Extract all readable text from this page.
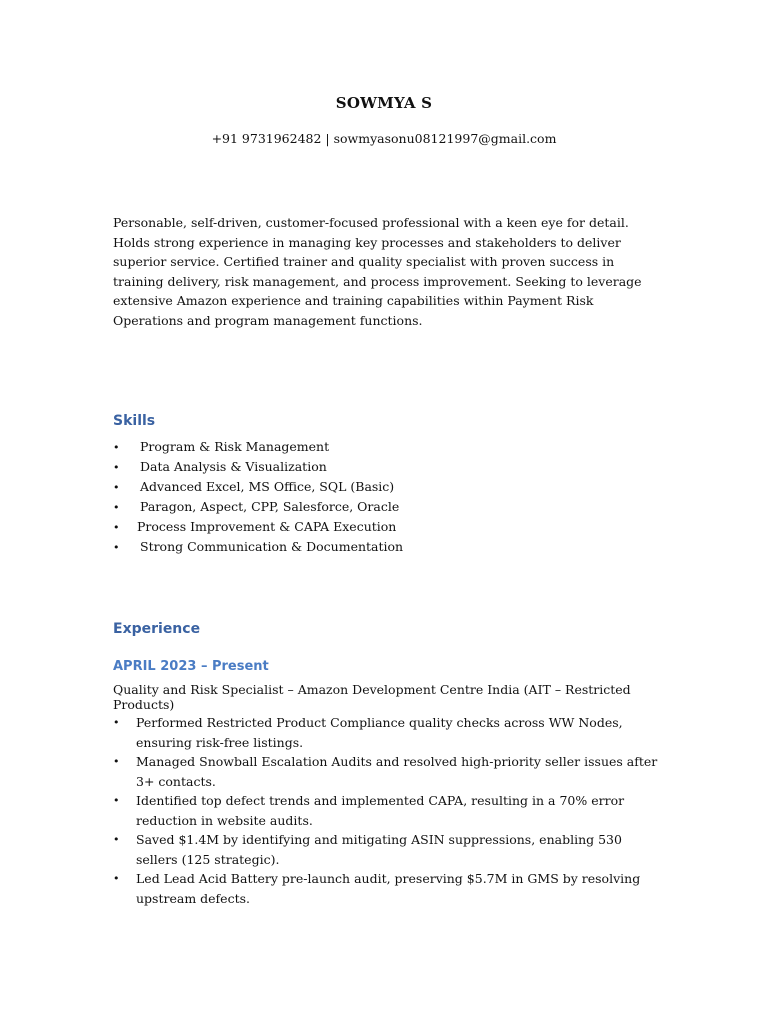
SOWMYA S
+91 9731962482 | sowmyasonu08121997@gmail.com
Personable, self-driven, customer-focused professional with a keen eye for detail. Holds strong experience in managing key processes and stakeholders to deliver superior service. Certified trainer and quality specialist with proven success in training delivery, risk management, and process improvement. Seeking to leverage extensive Amazon experience and training capabilities within Payment Risk Operations and program management functions.
Skills
• Program & Risk Management
• Data Analysis & Visualization
• Advanced Excel, MS Office, SQL (Basic)
• Paragon, Aspect, CPP, Salesforce, Oracle
• Process Improvement & CAPA Execution
• Strong Communication & Documentation
Experience
APRIL 2023 – Present
Quality and Risk Specialist – Amazon Development Centre India (AIT – Restricted Products)
•	Performed Restricted Product Compliance quality checks across WW Nodes, ensuring risk-free listings.
•	Managed Snowball Escalation Audits and resolved high-priority seller issues after 3+ contacts.
•	Identified top defect trends and implemented CAPA, resulting in a 70% error reduction in website audits.
•	Saved $1.4M by identifying and mitigating ASIN suppressions, enabling 530 sellers (125 strategic).
•	Led Lead Acid Battery pre-launch audit, preserving $5.7M in GMS by resolving upstream defects.
